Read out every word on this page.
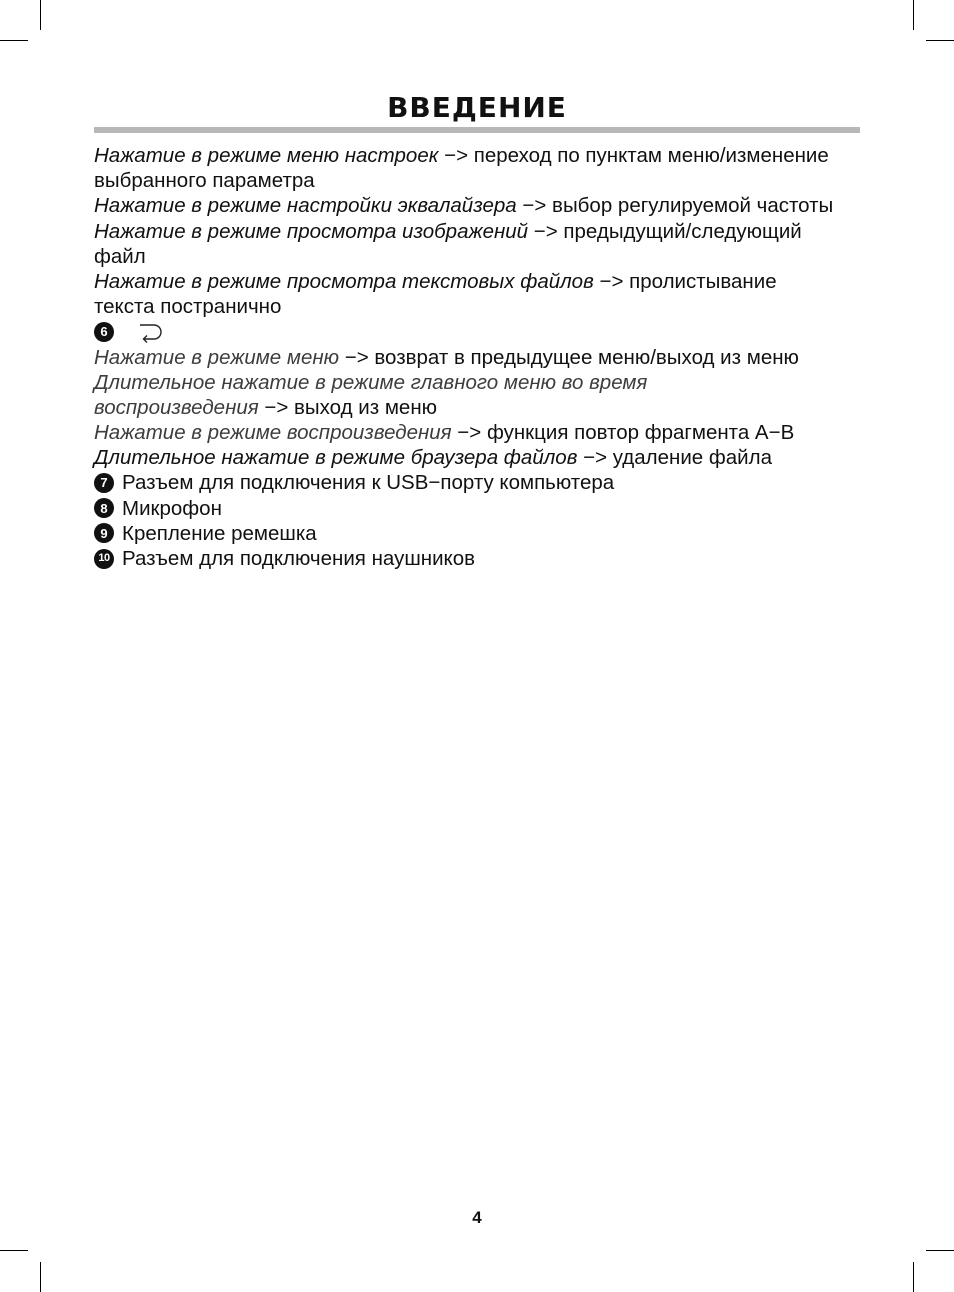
ВВЕДЕНИЕ
Нажатие в режиме меню настроек −> переход по пунктам меню/изменение
выбранного параметра
Нажатие в режиме настройки эквалайзера −> выбор регулируемой частоты
Нажатие в режиме просмотра изображений −> предыдущий/следующий
файл
Нажатие в режиме просмотра текстовых файлов −> пролистывание
текста постранично
6
Нажатие в режиме меню −> возврат в предыдущее меню/выход из меню
Длительное нажатие в режиме главного меню во время
воспроизведения −> выход из меню
Нажатие в режиме воспроизведения −> функция повтор фрагмента A−B
Длительное нажатие в режиме браузера файлов −> удаление файла
7 Разъем для подключения к USB−порту компьютера
8 Микрофон
9 Крепление ремешка
10 Разъем для подключения наушников
4
